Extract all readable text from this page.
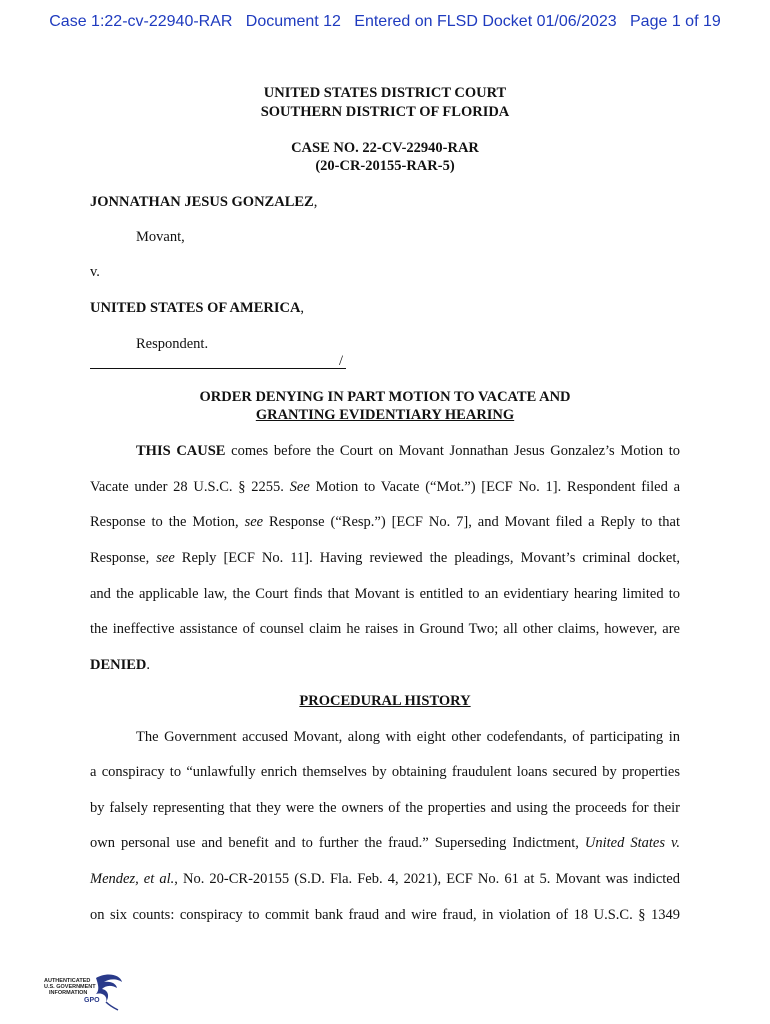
Case 1:22-cv-22940-RAR   Document 12   Entered on FLSD Docket 01/06/2023   Page 1 of 19
UNITED STATES DISTRICT COURT
SOUTHERN DISTRICT OF FLORIDA
CASE NO. 22-CV-22940-RAR
(20-CR-20155-RAR-5)
JONNATHAN JESUS GONZALEZ,
Movant,
v.
UNITED STATES OF AMERICA,
Respondent.
/
ORDER DENYING IN PART MOTION TO VACATE AND
GRANTING EVIDENTIARY HEARING
THIS CAUSE comes before the Court on Movant Jonnathan Jesus Gonzalez’s Motion to
Vacate under 28 U.S.C. § 2255. See Motion to Vacate (“Mot.”) [ECF No. 1]. Respondent filed a
Response to the Motion, see Response (“Resp.”) [ECF No. 7], and Movant filed a Reply to that
Response, see Reply [ECF No. 11]. Having reviewed the pleadings, Movant’s criminal docket,
and the applicable law, the Court finds that Movant is entitled to an evidentiary hearing limited to
the ineffective assistance of counsel claim he raises in Ground Two; all other claims, however, are
DENIED.
PROCEDURAL HISTORY
The Government accused Movant, along with eight other codefendants, of participating in
a conspiracy to “unlawfully enrich themselves by obtaining fraudulent loans secured by properties
by falsely representing that they were the owners of the properties and using the proceeds for their
own personal use and benefit and to further the fraud.” Superseding Indictment, United States v.
Mendez, et al., No. 20-CR-20155 (S.D. Fla. Feb. 4, 2021), ECF No. 61 at 5. Movant was indicted
on six counts: conspiracy to commit bank fraud and wire fraud, in violation of 18 U.S.C. § 1349
AUTHENTICATED
U.S. GOVERNMENT
INFORMATION
GPO
